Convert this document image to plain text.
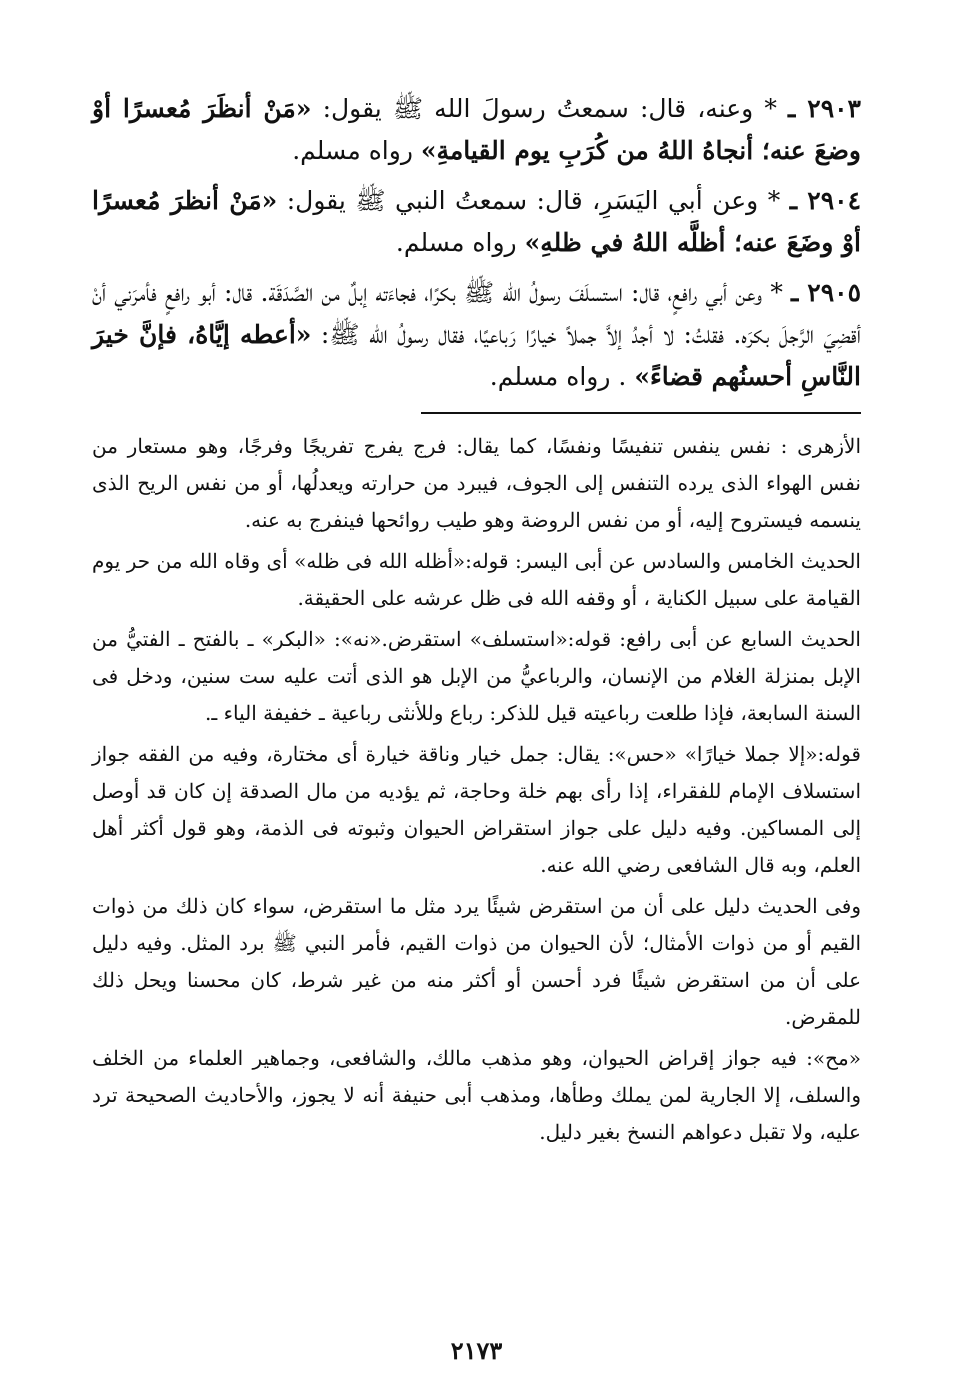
٢٩٠٣ ـ * وعنه، قال: سمعتُ رسولَ الله ﷺ يقول: «مَنْ أنظَرَ مُعسرًا أوْ وضعَ عنه؛ أنجاهُ اللهُ من كُرَبِ يوم القيامةِ» رواه مسلم.

٢٩٠٤ ـ * وعن أبي اليَسَرِ، قال: سمعتُ النبي ﷺ يقول: «مَنْ أنظرَ مُعسرًا أوْ وضَعَ عنه؛ أظلَّه اللهُ في ظلهِ» رواه مسلم.

٢٩٠٥ ـ * وعن أبي رافعٍ، قال: استسلَفَ رسولُ الله ﷺ بكرًا، فجاءَته إبلٌ من الصَّدَقَة. قال: أبو رافعٍ فأمرَني أنْ أقضِيَ الرَّجلَ بكرَه. فقلتُ: لا أجدُ إلاَّ جملاً خيارًا رَباعيًا، فقال رسولُ الله ﷺ: «أعطه إيَّاهُ، فإنَّ خيرَ النَّاسِ أحسنُهم قضاءً» . رواه مسلم.

الأزهرى : نفس ينفس تنفيسًا ونفسًا، كما يقال: فرج يفرج تفريجًا وفرجًا، وهو مستعار من نفس الهواء الذى يرده التنفس إلى الجوف، فيبرد من حرارته ويعدلُها، أو من نفس الريح الذى ينسمه فيستروح إليه، أو من نفس الروضة وهو طيب روائحها فينفرج به عنه.

الحديث الخامس والسادس عن أبى اليسر: قوله:«أظله الله فى ظله» أى وقاه الله من حر يوم القيامة على سبيل الكناية ، أو وقفه الله فى ظل عرشه على الحقيقة.

الحديث السابع عن أبى رافع: قوله:«استسلف» استقرض.«نه»: «البكر» ـ بالفتح ـ الفتيُّ من الإبل بمنزلة الغلام من الإنسان، والرباعيُّ من الإبل هو الذى أتت عليه ست سنين، ودخل فى السنة السابعة، فإذا طلعت رباعيته قيل للذكر: رباع وللأنثى رباعية ـ خفيفة الياء ـ.

قوله:«إلا جملا خيارًا» «حس»: يقال: جمل خيار وناقة خيارة أى مختارة، وفيه من الفقه جواز استسلاف الإمام للفقراء، إذا رأى بهم خلة وحاجة، ثم يؤديه من مال الصدقة إن كان قد أوصل إلى المساكين. وفيه دليل على جواز استقراض الحيوان وثبوته فى الذمة، وهو قول أكثر أهل العلم، وبه قال الشافعى رضي الله عنه.

وفى الحديث دليل على أن من استقرض شيئًا يرد مثل ما استقرض، سواء كان ذلك من ذوات القيم أو من ذوات الأمثال؛ لأن الحيوان من ذوات القيم، فأمر النبي ﷺ برد المثل. وفيه دليل على أن من استقرض شيئًا فرد أحسن أو أكثر منه من غير شرط، كان محسنا ويحل ذلك للمقرض.

«مح»: فيه جواز إقراض الحيوان، وهو مذهب مالك، والشافعى، وجماهير العلماء من الخلف والسلف، إلا الجارية لمن يملك وطأها، ومذهب أبى حنيفة أنه لا يجوز، والأحاديث الصحيحة ترد عليه، ولا تقبل دعواهم النسخ بغير دليل.

٢١٧٣
